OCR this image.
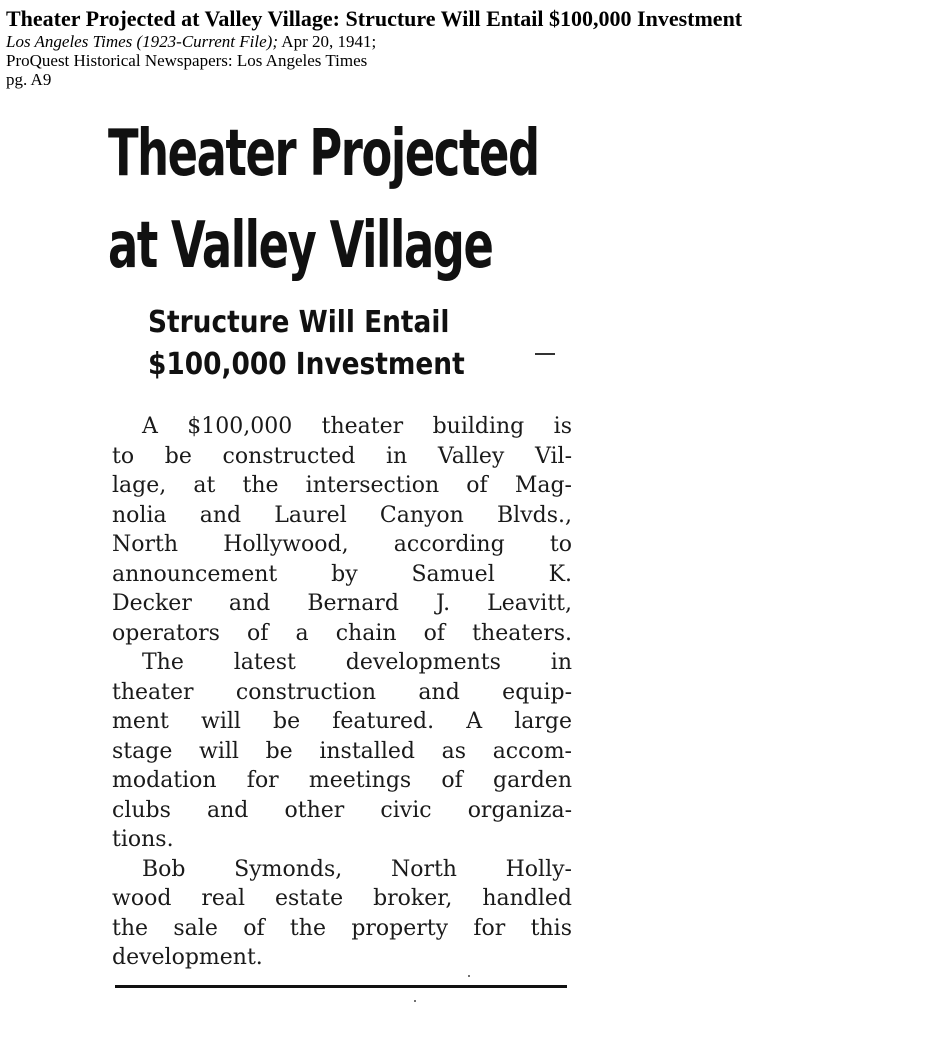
Theater Projected at Valley Village: Structure Will Entail $100,000 Investment
Los Angeles Times (1923-Current File); Apr 20, 1941;
ProQuest Historical Newspapers: Los Angeles Times
pg. A9
Theater Projected
at Valley Village
Structure Will Entail
$100,000 Investment
A $100,000 theater building is
to be constructed in Valley Vil-
lage, at the intersection of Mag-
nolia and Laurel Canyon Blvds.,
North Hollywood, according to
announcement by Samuel K.
Decker and Bernard J. Leavitt,
operators of a chain of theaters.
The latest developments in
theater construction and equip-
ment will be featured. A large
stage will be installed as accom-
modation for meetings of garden
clubs and other civic organiza-
tions.
Bob Symonds, North Holly-
wood real estate broker, handled
the sale of the property for this
development.
